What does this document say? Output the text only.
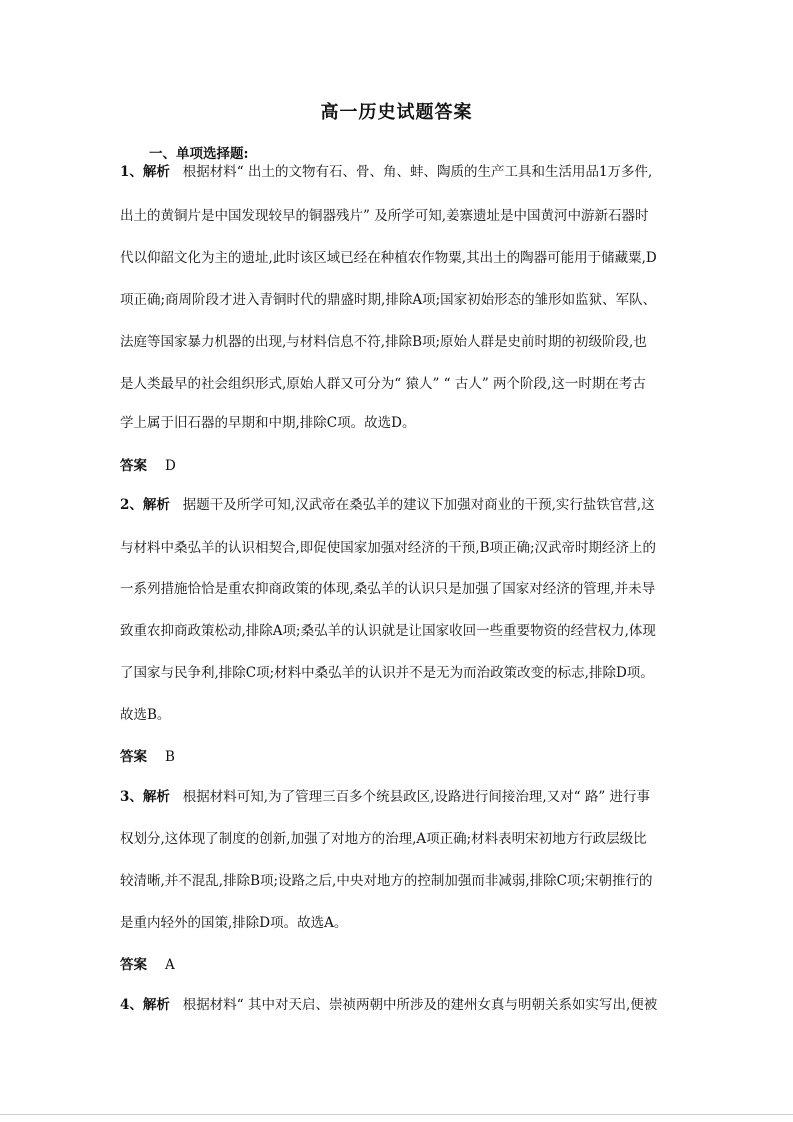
高一历史试题答案
一、单项选择题:
1、解析 根据材料“ 出土的文物有石、骨、角、蚌、陶质的生产工具和生活用品1万多件,
出土的黄铜片是中国发现较早的铜器残片” 及所学可知,姜寨遗址是中国黄河中游新石器时
代以仰韶文化为主的遗址,此时该区域已经在种植农作物粟,其出土的陶器可能用于储藏粟,D
项正确;商周阶段才进入青铜时代的鼎盛时期,排除A项;国家初始形态的雏形如监狱、军队、
法庭等国家暴力机器的出现,与材料信息不符,排除B项;原始人群是史前时期的初级阶段,也
是人类最早的社会组织形式,原始人群又可分为“ 猿人” “ 古人” 两个阶段,这一时期在考古
学上属于旧石器的早期和中期,排除C项。故选D。
答案 D
2、解析 据题干及所学可知,汉武帝在桑弘羊的建议下加强对商业的干预,实行盐铁官营,这
与材料中桑弘羊的认识相契合,即促使国家加强对经济的干预,B项正确;汉武帝时期经济上的
一系列措施恰恰是重农抑商政策的体现,桑弘羊的认识只是加强了国家对经济的管理,并未导
致重农抑商政策松动,排除A项;桑弘羊的认识就是让国家收回一些重要物资的经营权力,体现
了国家与民争利,排除C项;材料中桑弘羊的认识并不是无为而治政策改变的标志,排除D项。
故选B。
答案 B
3、解析 根据材料可知,为了管理三百多个统县政区,设路进行间接治理,又对“ 路” 进行事
权划分,这体现了制度的创新,加强了对地方的治理,A项正确;材料表明宋初地方行政层级比
较清晰,并不混乱,排除B项;设路之后,中央对地方的控制加强而非减弱,排除C项;宋朝推行的
是重内轻外的国策,排除D项。故选A。
答案 A
4、解析 根据材料“ 其中对天启、崇祯两朝中所涉及的建州女真与明朝关系如实写出,便被
